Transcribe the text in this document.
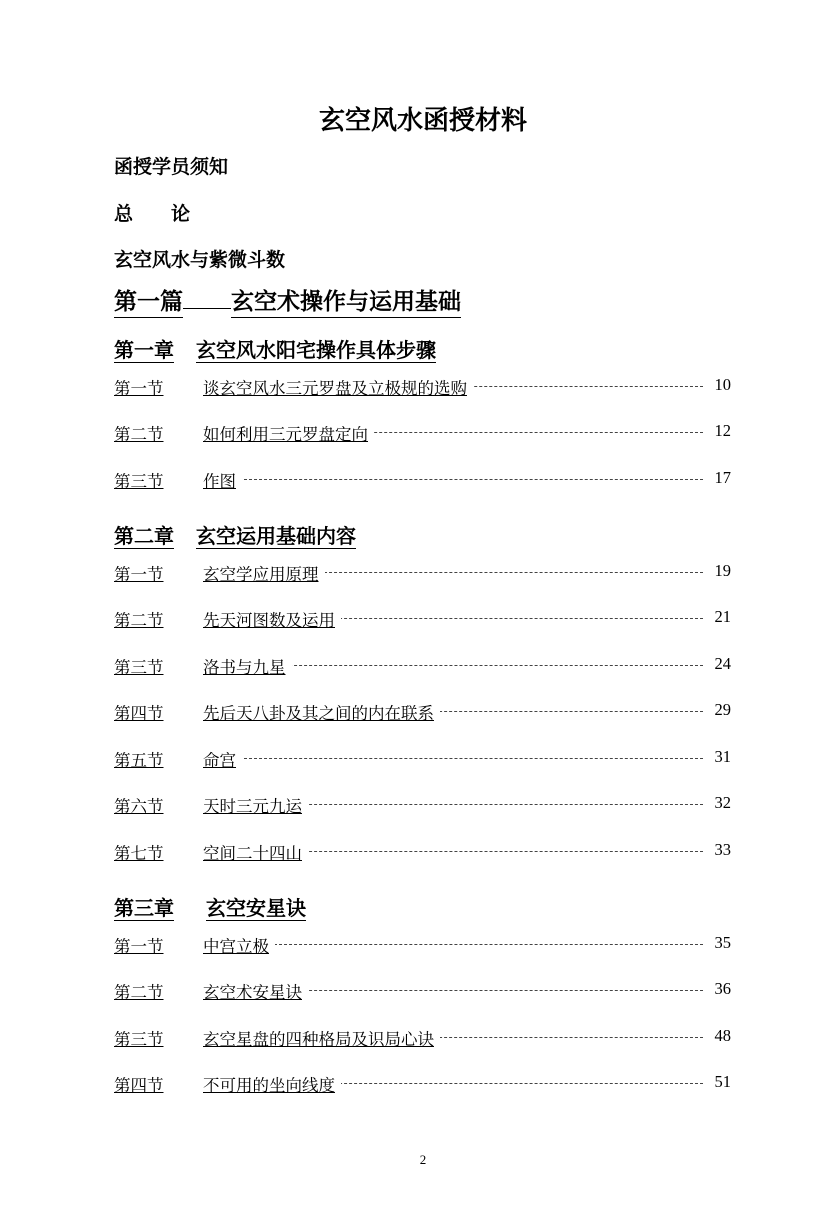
玄空风水函授材料
函授学员须知
总　　论
玄空风水与紫微斗数
第一篇 玄空术操作与运用基础
第一章 玄空风水阳宅操作具体步骤
第一节 谈玄空风水三元罗盘及立极规的选购	10
第二节 如何利用三元罗盘定向	12
第三节 作图	17
第二章 玄空运用基础内容
第一节 玄空学应用原理	19
第二节 先天河图数及运用	21
第三节 洛书与九星	24
第四节 先后天八卦及其之间的内在联系	29
第五节 命宫	31
第六节 天时三元九运	32
第七节 空间二十四山	33
第三章 玄空安星诀
第一节 中宫立极	35
第二节 玄空术安星诀	36
第三节 玄空星盘的四种格局及识局心诀	48
第四节 不可用的坐向线度	51
2
